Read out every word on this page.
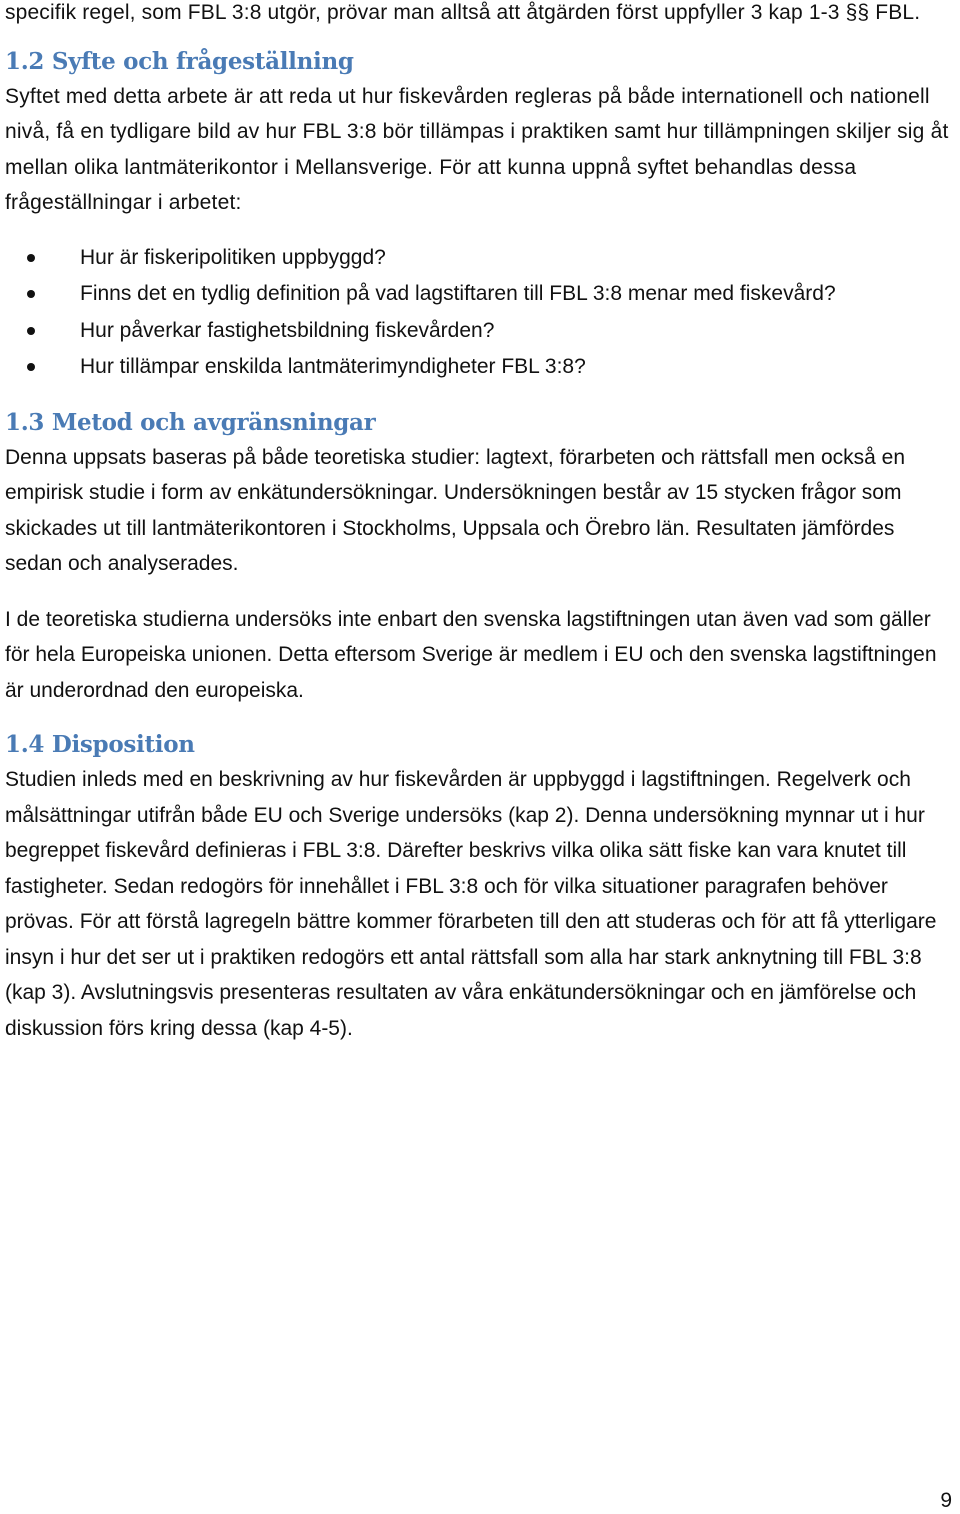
specifik regel, som FBL 3:8 utgör, prövar man alltså att åtgärden först uppfyller 3 kap 1-3 §§ FBL.

1.2 Syfte och frågeställning

Syftet med detta arbete är att reda ut hur fiskevården regleras på både internationell och nationell nivå, få en tydligare bild av hur FBL 3:8 bör tillämpas i praktiken samt hur tillämpningen skiljer sig åt mellan olika lantmäterikontor i Mellansverige. För att kunna uppnå syftet behandlas dessa frågeställningar i arbetet:

Hur är fiskeripolitiken uppbyggd?
Finns det en tydlig definition på vad lagstiftaren till FBL 3:8 menar med fiskevård?
Hur påverkar fastighetsbildning fiskevården?
Hur tillämpar enskilda lantmäterimyndigheter FBL 3:8?
1.3 Metod och avgränsningar

Denna uppsats baseras på både teoretiska studier: lagtext, förarbeten och rättsfall men också en empirisk studie i form av enkätundersökningar. Undersökningen består av 15 stycken frågor som skickades ut till lantmäterikontoren i Stockholms, Uppsala och Örebro län. Resultaten jämfördes sedan och analyserades.

I de teoretiska studierna undersöks inte enbart den svenska lagstiftningen utan även vad som gäller för hela Europeiska unionen. Detta eftersom Sverige är medlem i EU och den svenska lagstiftningen är underordnad den europeiska.

1.4 Disposition

Studien inleds med en beskrivning av hur fiskevården är uppbyggd i lagstiftningen. Regelverk och målsättningar utifrån både EU och Sverige undersöks (kap 2). Denna undersökning mynnar ut i hur begreppet fiskevård definieras i FBL 3:8. Därefter beskrivs vilka olika sätt fiske kan vara knutet till fastigheter. Sedan redogörs för innehållet i FBL 3:8 och för vilka situationer paragrafen behöver prövas. För att förstå lagregeln bättre kommer förarbeten till den att studeras och för att få ytterligare insyn i hur det ser ut i praktiken redogörs ett antal rättsfall som alla har stark anknytning till FBL 3:8 (kap 3). Avslutningsvis presenteras resultaten av våra enkätundersökningar och en jämförelse och diskussion förs kring dessa (kap 4-5).

9
